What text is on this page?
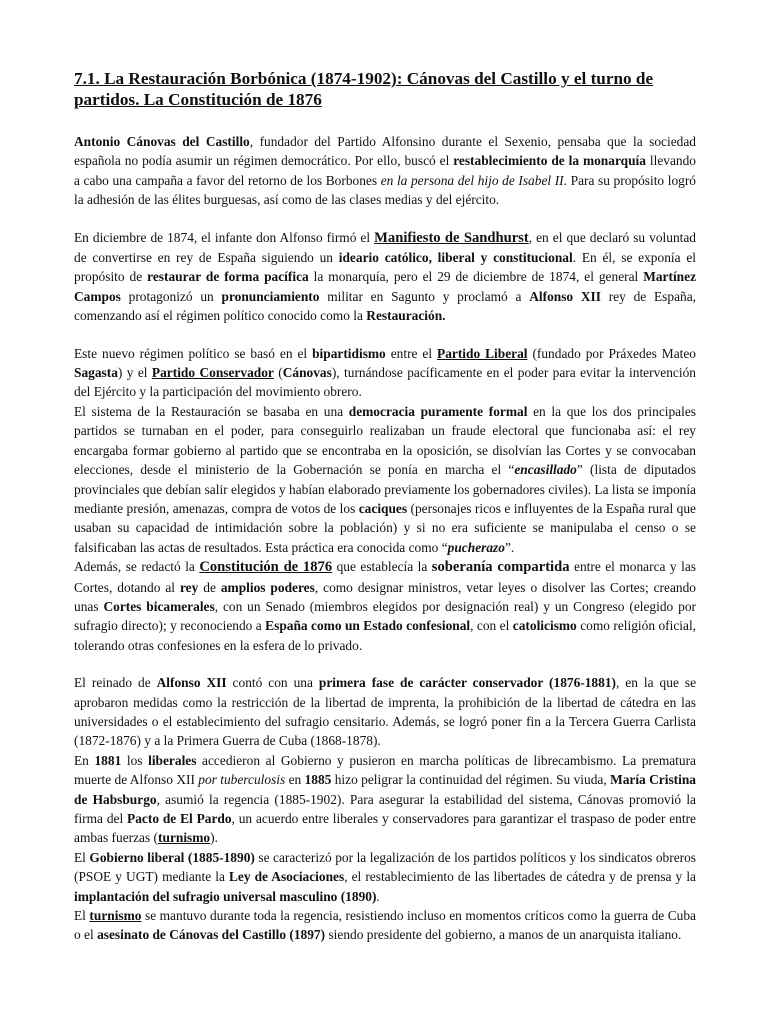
7.1. La Restauración Borbónica (1874-1902): Cánovas del Castillo y el turno de partidos. La Constitución de 1876

Antonio Cánovas del Castillo, fundador del Partido Alfonsino durante el Sexenio, pensaba que la sociedad española no podía asumir un régimen democrático. Por ello, buscó el restablecimiento de la monarquía llevando a cabo una campaña a favor del retorno de los Borbones en la persona del hijo de Isabel II. Para su propósito logró la adhesión de las élites burguesas, así como de las clases medias y del ejército.

En diciembre de 1874, el infante don Alfonso firmó el Manifiesto de Sandhurst, en el que declaró su voluntad de convertirse en rey de España siguiendo un ideario católico, liberal y constitucional. En él, se exponía el propósito de restaurar de forma pacífica la monarquía, pero el 29 de diciembre de 1874, el general Martínez Campos protagonizó un pronunciamiento militar en Sagunto y proclamó a Alfonso XII rey de España, comenzando así el régimen político conocido como la Restauración.

Este nuevo régimen político se basó en el bipartidismo entre el Partido Liberal (fundado por Práxedes Mateo Sagasta) y el Partido Conservador (Cánovas), turnándose pacíficamente en el poder para evitar la intervención del Ejército y la participación del movimiento obrero.

El sistema de la Restauración se basaba en una democracia puramente formal en la que los dos principales partidos se turnaban en el poder, para conseguirlo realizaban un fraude electoral que funcionaba así: el rey encargaba formar gobierno al partido que se encontraba en la oposición, se disolvían las Cortes y se convocaban elecciones, desde el ministerio de la Gobernación se ponía en marcha el “encasillado” (lista de diputados provinciales que debían salir elegidos y habían elaborado previamente los gobernadores civiles). La lista se imponía mediante presión, amenazas, compra de votos de los caciques (personajes ricos e influyentes de la España rural que usaban su capacidad de intimidación sobre la población) y si no era suficiente se manipulaba el censo o se falsificaban las actas de resultados. Esta práctica era conocida como “pucherazo”.

Además, se redactó la Constitución de 1876 que establecía la soberanía compartida entre el monarca y las Cortes, dotando al rey de amplios poderes, como designar ministros, vetar leyes o disolver las Cortes; creando unas Cortes bicamerales, con un Senado (miembros elegidos por designación real) y un Congreso (elegido por sufragio directo); y reconociendo a España como un Estado confesional, con el catolicismo como religión oficial, tolerando otras confesiones en la esfera de lo privado.

El reinado de Alfonso XII contó con una primera fase de carácter conservador (1876-1881), en la que se aprobaron medidas como la restricción de la libertad de imprenta, la prohibición de la libertad de cátedra en las universidades o el establecimiento del sufragio censitario. Además, se logró poner fin a la Tercera Guerra Carlista (1872-1876) y a la Primera Guerra de Cuba (1868-1878).

En 1881 los liberales accedieron al Gobierno y pusieron en marcha políticas de librecambismo. La prematura muerte de Alfonso XII por tuberculosis en 1885 hizo peligrar la continuidad del régimen. Su viuda, María Cristina de Habsburgo, asumió la regencia (1885-1902). Para asegurar la estabilidad del sistema, Cánovas promovió la firma del Pacto de El Pardo, un acuerdo entre liberales y conservadores para garantizar el traspaso de poder entre ambas fuerzas (turnismo).

El Gobierno liberal (1885-1890) se caracterizó por la legalización de los partidos políticos y los sindicatos obreros (PSOE y UGT) mediante la Ley de Asociaciones, el restablecimiento de las libertades de cátedra y de prensa y la implantación del sufragio universal masculino (1890).

El turnismo se mantuvo durante toda la regencia, resistiendo incluso en momentos críticos como la guerra de Cuba o el asesinato de Cánovas del Castillo (1897) siendo presidente del gobierno, a manos de un anarquista italiano.
